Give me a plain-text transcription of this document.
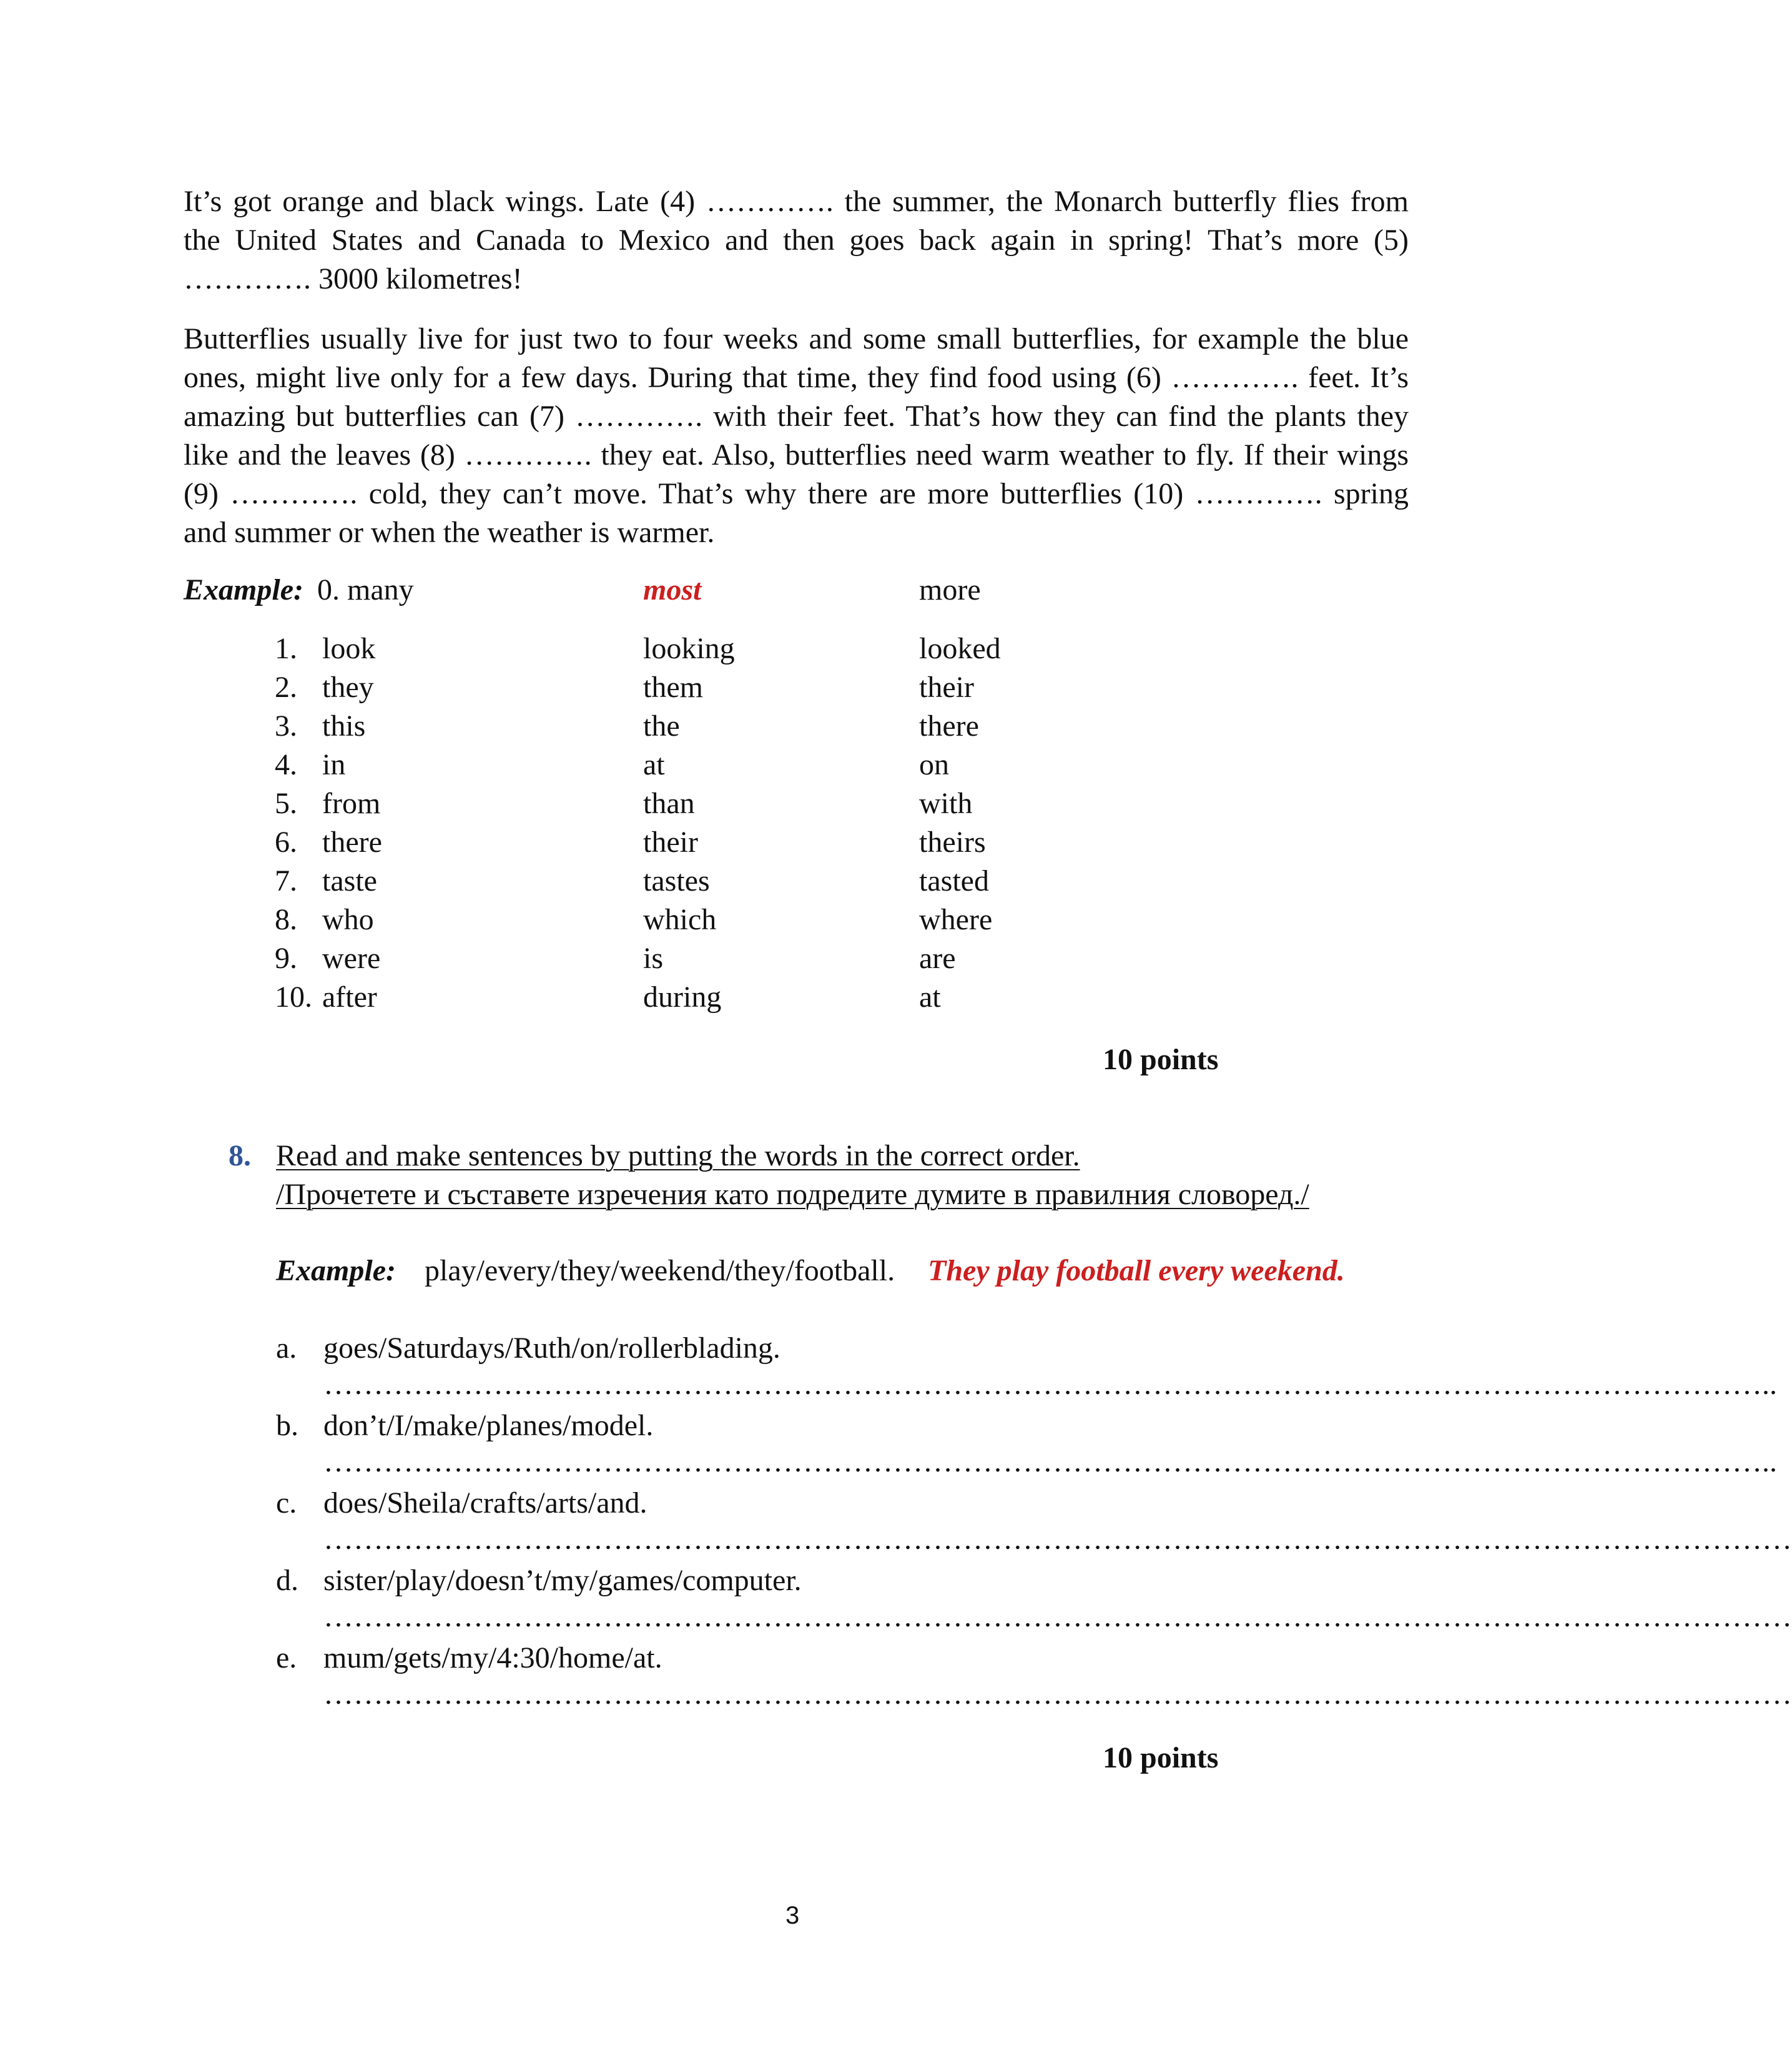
It’s got orange and black wings. Late (4) …………. the summer, the Monarch butterfly flies from
the United States and Canada to Mexico and then goes back again in spring! That’s more (5)
…………. 3000 kilometres!
Butterflies usually live for just two to four weeks and some small butterflies, for example the blue
ones, might live only for a few days. During that time, they find food using (6) …………. feet. It’s
amazing but butterflies can (7) …………. with their feet. That’s how they can find the plants they
like and the leaves (8) …………. they eat. Also, butterflies need warm weather to fly. If their wings
(9) …………. cold, they can’t move. That’s why there are more butterflies (10) …………. spring
and summer or when the weather is warmer.
Example: 0. many	most	more
1. look	looking	looked
2. they	them	their
3. this	the	there
4. in	at	on
5. from	than	with
6. there	their	theirs
7. taste	tastes	tasted
8. who	which	where
9. were	is	are
10. after	during	at
10 points
8. Read and make sentences by putting the words in the correct order.
/Прочетете и съставете изречения като подредите думите в правилния словоред./
Example: play/every/they/weekend/they/football. They play football every weekend.
a. goes/Saturdays/Ruth/on/rollerblading.
………………………………………………………………………………………………………………………………..
b. don’t/I/make/planes/model.
………………………………………………………………………………………………………………………………..
c. does/Sheila/crafts/arts/and.
…………………………………………………………………………………………………………………………………
d. sister/play/doesn’t/my/games/computer.
…………………………………………………………………………………………………………………………………
e. mum/gets/my/4:30/home/at.
…………………………………………………………………………………………………………………………………
10 points
3
